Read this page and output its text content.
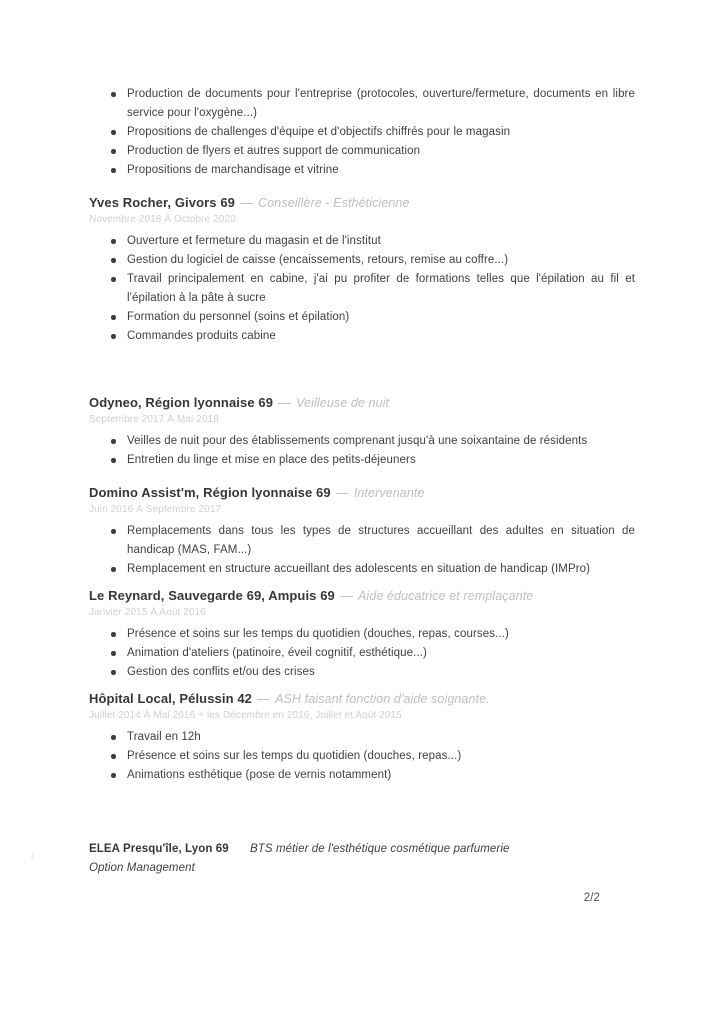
Production de documents pour l'entreprise (protocoles, ouverture/fermeture, documents en libre service pour l'oxygène...)
Propositions de challenges d'équipe et d'objectifs chiffrés pour le magasin
Production de flyers et autres support de communication
Propositions de marchandisage et vitrine
Yves Rocher, Givors 69 — Conseillère - Esthéticienne
Novembre 2018 À Octobre 2020
Ouverture et fermeture du magasin et de l'institut
Gestion du logiciel de caisse (encaissements, retours, remise au coffre...)
Travail principalement en cabine, j'ai pu profiter de formations telles que l'épilation au fil et l'épilation à la pâte à sucre
Formation du personnel (soins et épilation)
Commandes produits cabine
Odyneo, Région lyonnaise 69 — Veilleuse de nuit
Septembre 2017 À Mai 2018
Veilles de nuit pour des établissements comprenant jusqu'à une soixantaine de résidents
Entretien du linge et mise en place des petits-déjeuners
Domino Assist'm, Région lyonnaise 69 — Intervenante
Juin 2016 À Septembre 2017
Remplacements dans tous les types de structures accueillant des adultes en situation de handicap (MAS, FAM...)
Remplacement en structure accueillant des adolescents en situation de handicap (IMPro)
Le Reynard, Sauvegarde 69, Ampuis 69 — Aide éducatrice et remplaçante
Janvier 2015 À Août 2016
Présence et soins sur les temps du quotidien (douches, repas, courses...)
Animation d'ateliers (patinoire, éveil cognitif, esthétique...)
Gestion des conflits et/ou des crises
Hôpital Local, Pélussin 42 — ASH faisant fonction d'aide soignante.
Juillet 2014 À Mai 2016 + les Décembre en 2016, Juillet et Août 2015
Travail en 12h
Présence et soins sur les temps du quotidien (douches, repas...)
Animations esthétique (pose de vernis notamment)
ELEA Presqu'île, Lyon 69	BTS métier de l'esthétique cosmétique parfumerie
Option Management
2/2
